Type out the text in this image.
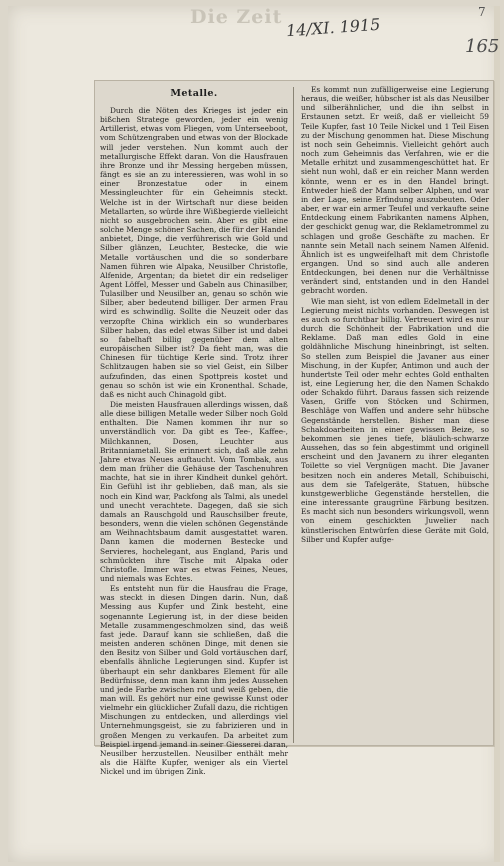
Die Zeit 14/XI. 1915
7
165
Metalle.

Durch die Nöten des Krieges ist jeder ein bißchen Stratege geworden, jeder ein wenig Artillerist, etwas vom Fliegen, vom Unterseeboot, vom Schützengraben und etwas von der Blockade will jeder verstehen. Nun kommt auch der metallurgische Effekt daran. Von die Hausfrauen ihre Bronze und ihr Messing hergeben müssen, fängt es sie an zu interessieren, was wohl in so einer Bronzestatue oder in einem Messingleuchter für ein Geheimnis steckt. Welche ist in der Wirtschaft nur diese beiden Metallarten, so würde ihre Wißbegierde vielleicht nicht so ausgebrochen sein. Aber es gibt eine solche Menge schöner Sachen, die für der Handel anbietet, Dinge, die verführerisch wie Gold und Silber glänzen, Leuchter, Bestecke, die wie Metalle vortäuschen und die so sonderbare Namen führen wie Alpaka, Neusilber Christofle, Alfenide, Argentan; da bietet dir ein redseliger Agent Löffel, Messer und Gabeln aus Chinasilber, Tulasilber und Neusilber an, genau so schön wie Silber, aber bedeutend billiger. Der armen Frau wird es schwindlig. Sollte die Neuzeit oder das verzopfte China wirklich ein so wunderbares Silber haben, das edel etwas Silber ist und dabei so fabelhaft billig gegenüber dem alten europäischen Silber ist? Da fieht man, was die Chinesen für tüchtige Kerle sind. Trotz ihrer Schlitzaugen haben sie so viel Geist, ein Silber aufzufinden, das einen Spottpreis kostet und genau so schön ist wie ein Kronenthal. Schade, daß es nicht auch Chinagold gibt.

Die meisten Hausfrauen allerdings wissen, daß alle diese billigen Metalle weder Silber noch Gold enthalten. Die Namen kommen ihr nur so unverständlich vor. Da gibt es Tee-, Kaffee-, Milchkannen, Dosen, Leuchter aus Britanniametall. Sie erinnert sich, daß alle zehn Jahre etwas Neues auftaucht. Vom Tombak, aus dem man früher die Gehäuse der Taschenuhren machte, hat sie in ihrer Kindheit dunkel gehört. Ein Gefühl ist ihr geblieben, daß man, als sie noch ein Kind war, Packfong als Talmi, als unedel und unecht verachtete. Dagegen, daß sie sich damals an Rauschgold und Rauschsilber freute, besonders, wenn die vielen schönen Gegenstände am Weihnachtsbaum damit ausgestattet waren. Dann kamen die modernen Bestecke und Servieres, hochelegant, aus England, Paris und schmückten ihre Tische mit Alpaka oder Christofle. Immer war es etwas Feines, Neues, und niemals was Echtes.

Es entsteht nun für die Hausfrau die Frage, was steckt in diesen Dingen darin. Nun, daß Messing aus Kupfer und Zink besteht, eine sogenannte Legierung ist, in der diese beiden Metalle zusammengeschmolzen sind, das weiß fast jede. Darauf kann sie schließen, daß die meisten anderen schönen Dinge, mit denen sie den Besitz von Silber und Gold vortäuschen darf, ebenfalls ähnliche Legierungen sind. Kupfer ist überhaupt ein sehr dankbares Element für alle Bedürfnisse, denn man kann ihm jedes Aussehen und jede Farbe zwischen rot und weiß geben, die man will. Es gehört nur eine gewisse Kunst oder vielmehr ein glücklicher Zufall dazu, die richtigen Mischungen zu entdecken, und allerdings viel Unternehmungsgeist, sie zu fabrizieren und in großen Mengen zu verkaufen. Da arbeitet zum Beispiel irgend jemand in seiner Giesserei daran, Neusilber herzustellen. Neusilber enthält mehr als die Hälfte Kupfer, weniger als ein Viertel Nickel und im übrigen Zink.

Es kommt nun zufälligerweise eine Legierung heraus, die weißer, hübscher ist als das Neusilber und silberähnlicher, und die ihn selbst in Erstaunen setzt. Er weiß, daß er vielleicht 59 Teile Kupfer, fast 10 Teile Nickel und 1 Teil Eisen zu der Mischung genommen hat. Diese Mischung ist noch sein Geheimnis. Vielleicht gehört auch noch zum Geheimnis das Verfahren, wie er die Metalle erhitzt und zusammengeschüttet hat. Er sieht nun wohl, daß er ein reicher Mann werden könnte, wenn er es in den Handel bringt. Entweder hieß der Mann selber Alphen, und war in der Lage, seine Erfindung auszubeuten. Oder aber, er war ein armer Teufel und verkaufte seine Entdeckung einem Fabrikanten namens Alphen, der geschickt genug war, die Reklametrommel zu schlagen und große Geschäfte zu machen. Er nannte sein Metall nach seinem Namen Alfenid. Ähnlich ist es ungweifelhaft mit dem Christofle ergangen. Und so sind auch alle anderen Entdeckungen, bei denen nur die Verhältnisse verändert sind, entstanden und in den Handel gebracht worden.

Wie man sieht, ist von edlem Edelmetall in der Legierung meist nichts vorhanden. Deswegen ist es auch so furchtbar billig. Vertreuert wird es nur durch die Schönheit der Fabrikation und die Reklame. Daß man edles Gold in eine goldähnliche Mischung hineinbringt, ist selten. So stellen zum Beispiel die Javaner aus einer Mischung, in der Kupfer, Antimon und auch der hundertste Teil oder mehr echtes Gold enthalten ist, eine Legierung her, die den Namen Schakdo oder Schakdo führt. Daraus fassen sich reizende Vasen, Griffe von Stöcken und Schirmen, Beschläge von Waffen und andere sehr hübsche Gegenstände herstellen. Bisher man diese Schakdoarbeiten in einer gewissen Beize, so bekommen sie jenes tiefe, bläulich-schwarze Aussehen, das so fein abgestimmt und originell erscheint und den Javanern zu ihrer eleganten Toilette so viel Vergnügen macht. Die Javaner besitzen noch ein anderes Metall, Schibuischi, aus dem sie Tafelgeräte, Statuen, hübsche kunstgewerbliche Gegenstände herstellen, die eine interessante graugrüne Färbung besitzen. Es macht sich nun besonders wirkungsvoll, wenn von einem geschickten Juwelier nach künstlerischen Entwürfen diese Geräte mit Gold, Silber und Kupfer aufge-
